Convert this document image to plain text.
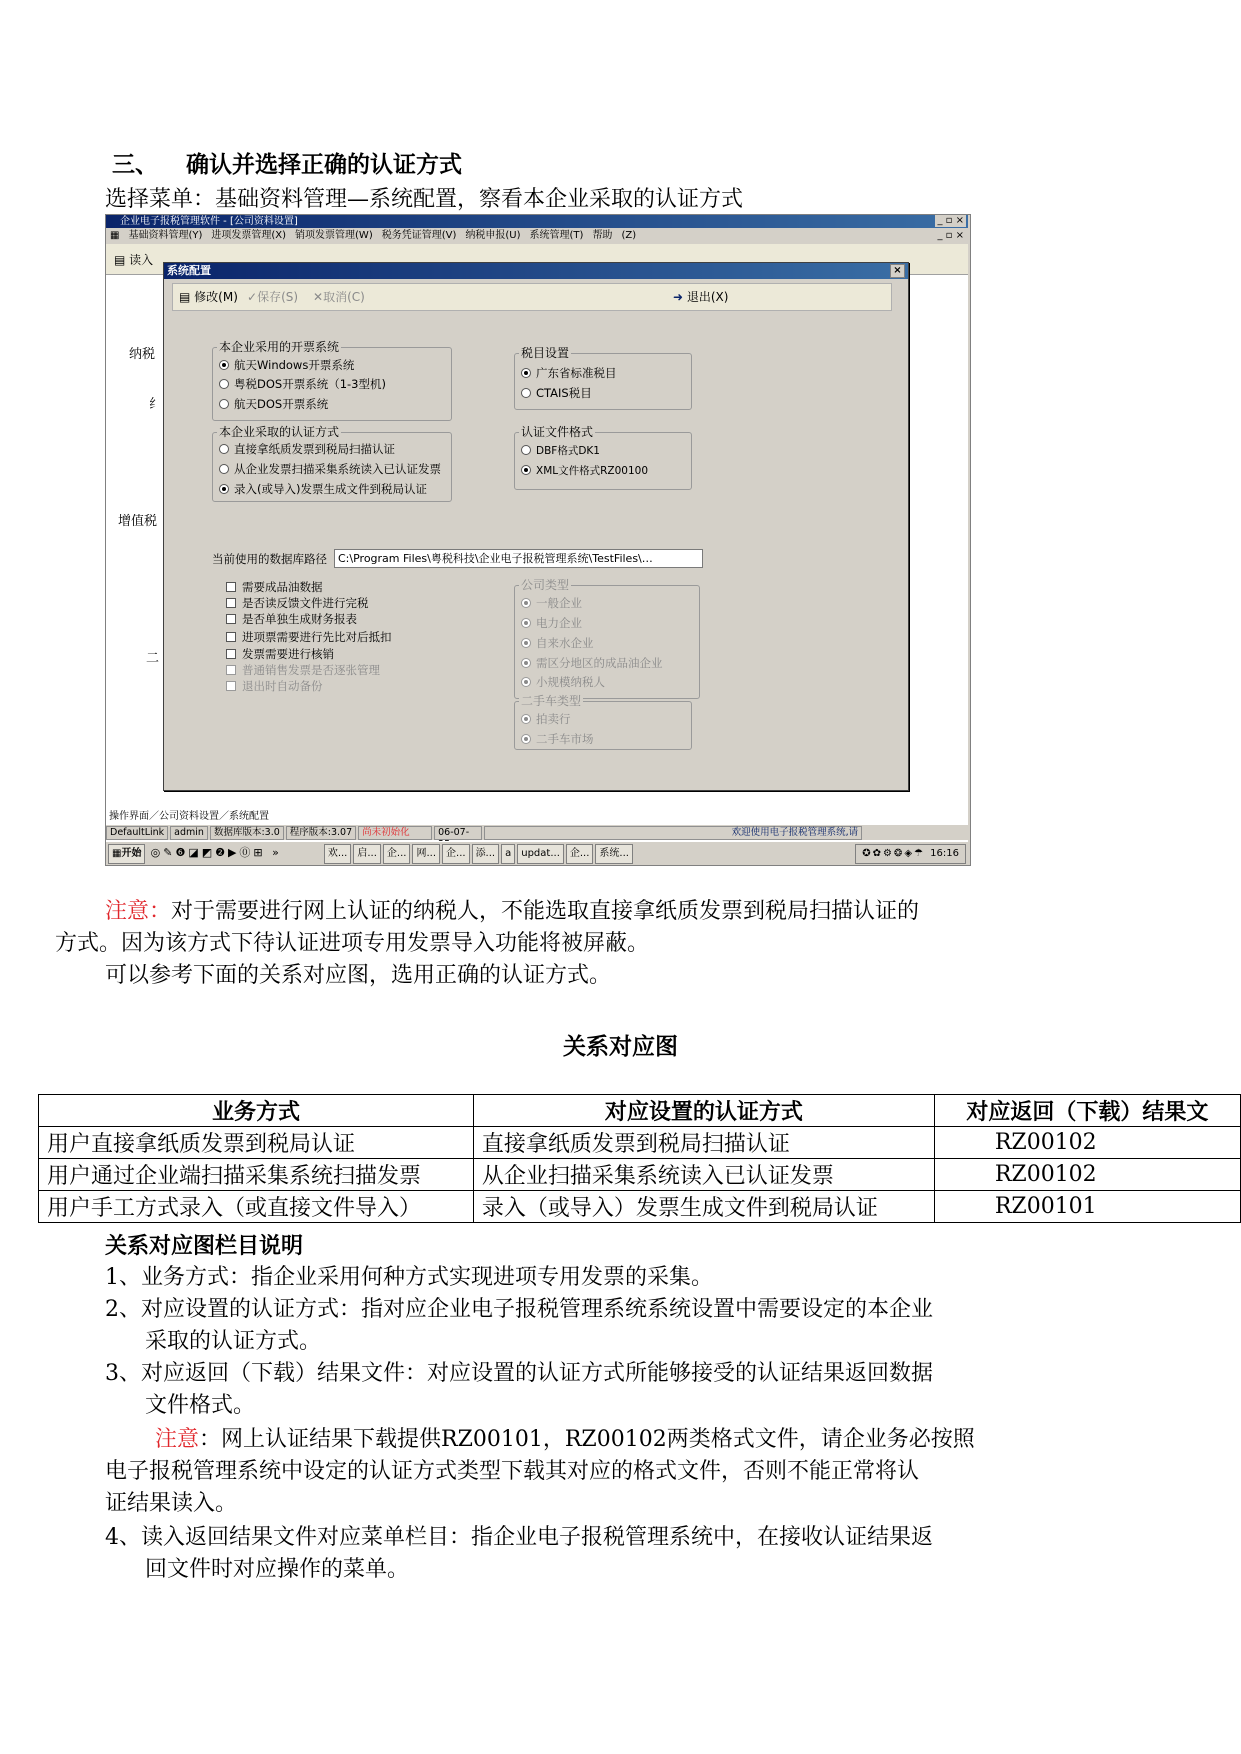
三、 确认并选择正确的认证方式
选择菜单：基础资料管理—系统配置，察看本企业采取的认证方式
企业电子报税管理软件 - [公司资料设置]	_ ▫ ×
▦ 基础资料管理(Y) 进项发票管理(X) 销项发票管理(W) 税务凭证管理(V) 纳税申报(U) 系统管理(T) 帮助 (Z)	_ ▫ ×
▤ 读入
纳税
纟
增值税
二
系统配置	×
▤ 修改(M) ✓保存(S) ✕取消(C)	➜ 退出(X)
本企业采用的开票系统
航天Windows开票系统
粤税DOS开票系统（1-3型机)
航天DOS开票系统
税目设置
广东省标准税目
CTAIS税目
本企业采取的认证方式
直接拿纸质发票到税局扫描认证
从企业发票扫描采集系统读入已认证发票
录入(或导入)发票生成文件到税局认证
认证文件格式
DBF格式DK1
XML文件格式RZ00100
当前使用的数据库路径	C:\Program Files\粤税科技\企业电子报税管理系统\TestFiles\…
需要成品油数据
是否读反馈文件进行完税
是否单独生成财务报表
进项票需要进行先比对后抵扣
发票需要进行核销
普通销售发票是否逐张管理
退出时自动备份
公司类型
一般企业
电力企业
自来水企业
需区分地区的成品油企业
小规模纳税人
二手车类型
拍卖行
二手车市场
操作界面／公司资料设置／系统配置
DefaultLink admin 数据库版本:3.0 程序版本:3.07 尚未初始化	06-07-	欢迎使用电子报税管理系统,请
▦开始 ◎✎❻◪◩❷▶⓪⊞ »	欢... 启... 企... 网... 企... 添... a updat... 企... 系统...	✪✿⚙❂◈☂ 16:16
注意：对于需要进行网上认证的纳税人，不能选取直接拿纸质发票到税局扫描认证的
方式。因为该方式下待认证进项专用发票导入功能将被屏蔽。
可以参考下面的关系对应图，选用正确的认证方式。
关系对应图
业务方式	对应设置的认证方式	对应返回（下载）结果文
用户直接拿纸质发票到税局认证	直接拿纸质发票到税局扫描认证	RZ00102
用户通过企业端扫描采集系统扫描发票	从企业扫描采集系统读入已认证发票	RZ00102
用户手工方式录入（或直接文件导入）	录入（或导入）发票生成文件到税局认证	RZ00101
关系对应图栏目说明
1、业务方式：指企业采用何种方式实现进项专用发票的采集。
2、对应设置的认证方式：指对应企业电子报税管理系统系统设置中需要设定的本企业
采取的认证方式。
3、对应返回（下载）结果文件：对应设置的认证方式所能够接受的认证结果返回数据
文件格式。
注意：网上认证结果下载提供RZ00101，RZ00102两类格式文件，请企业务必按照
电子报税管理系统中设定的认证方式类型下载其对应的格式文件，否则不能正常将认
证结果读入。
4、读入返回结果文件对应菜单栏目：指企业电子报税管理系统中，在接收认证结果返
回文件时对应操作的菜单。
